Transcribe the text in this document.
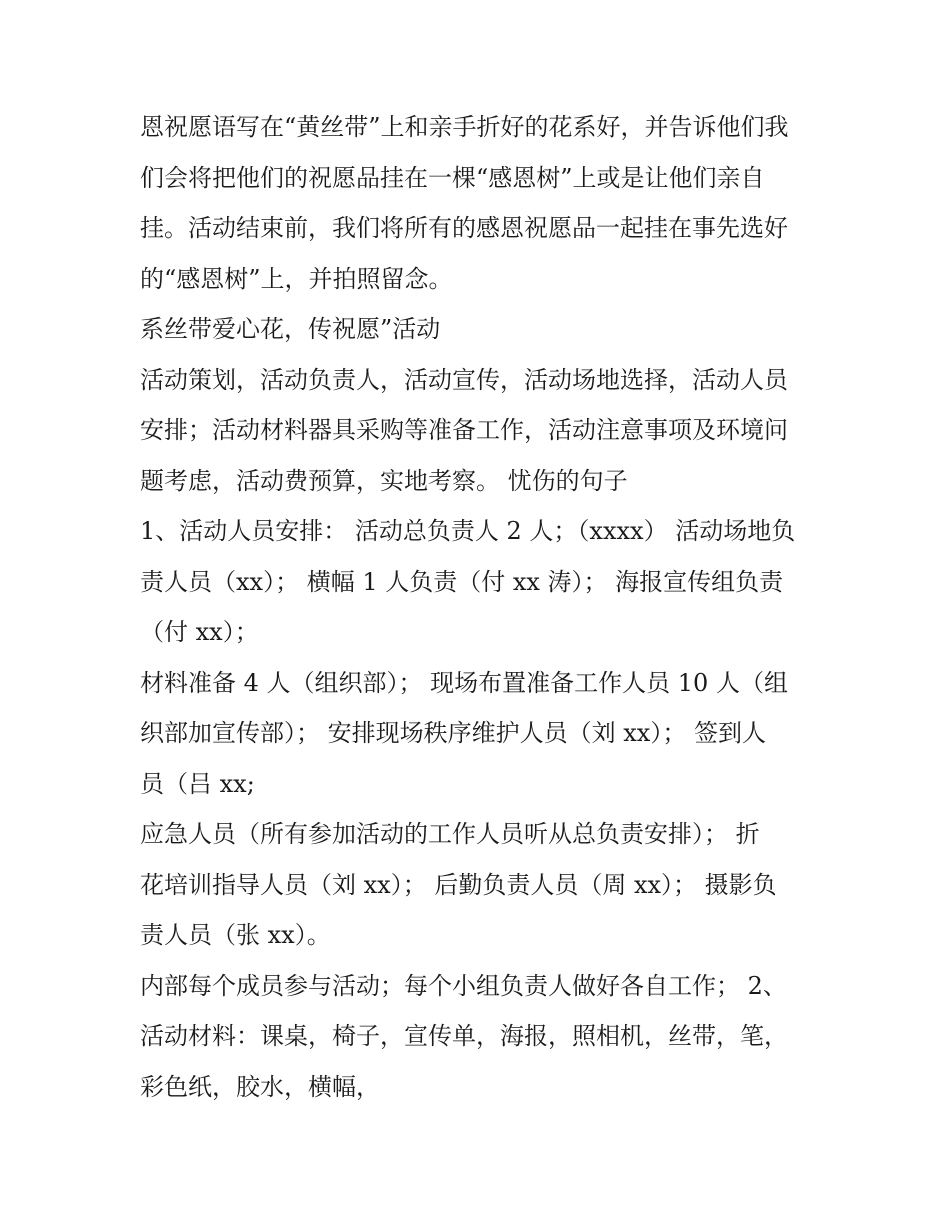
恩祝愿语写在“黄丝带”上和亲手折好的花系好，并告诉他们我
们会将把他们的祝愿品挂在一棵“感恩树”上或是让他们亲自
挂。活动结束前，我们将所有的感恩祝愿品一起挂在事先选好
的“感恩树”上，并拍照留念。
系丝带爱心花，传祝愿”活动
活动策划，活动负责人，活动宣传，活动场地选择，活动人员
安排；活动材料器具采购等准备工作，活动注意事项及环境问
题考虑，活动费预算，实地考察。 忧伤的句子
1、活动人员安排： 活动总负责人 2 人；（xxxx） 活动场地负
责人员（xx）； 横幅 1 人负责（付 xx 涛）； 海报宣传组负责
（付 xx）；
材料准备 4 人（组织部）； 现场布置准备工作人员 10 人（组
织部加宣传部）； 安排现场秩序维护人员（刘 xx）； 签到人
员（吕 xx;
应急人员（所有参加活动的工作人员听从总负责安排）； 折
花培训指导人员（刘 xx）； 后勤负责人员（周 xx）； 摄影负
责人员（张 xx）。
内部每个成员参与活动；每个小组负责人做好各自工作； 2、
活动材料：课桌，椅子，宣传单，海报，照相机，丝带，笔，
彩色纸，胶水，横幅，
